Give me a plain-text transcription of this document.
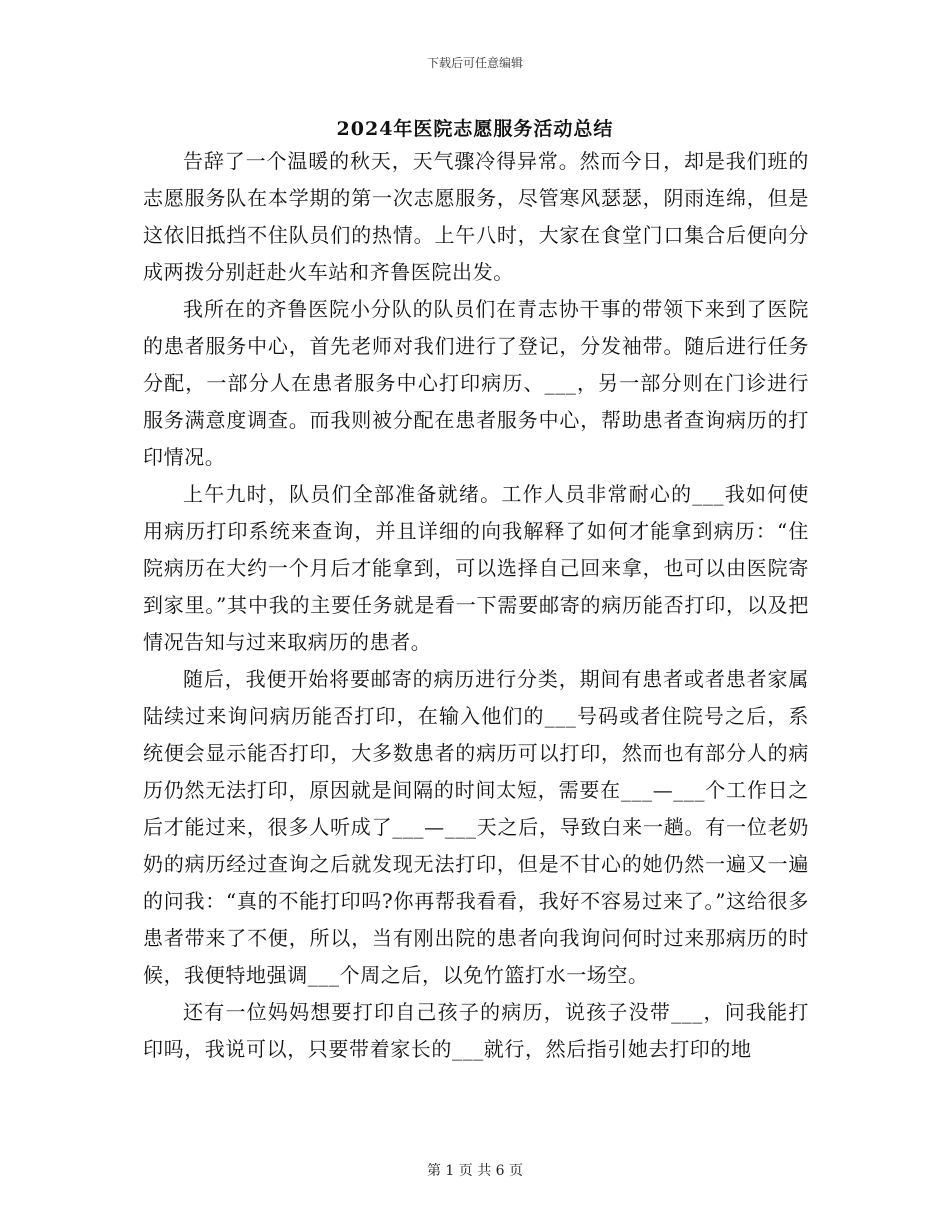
下载后可任意编辑
2024年医院志愿服务活动总结

告辞了一个温暖的秋天，天气骤冷得异常。然而今日，却是我们班的志愿服务队在本学期的第一次志愿服务，尽管寒风瑟瑟，阴雨连绵，但是这依旧抵挡不住队员们的热情。上午八时，大家在食堂门口集合后便向分成两拨分别赶赴火车站和齐鲁医院出发。

我所在的齐鲁医院小分队的队员们在青志协干事的带领下来到了医院的患者服务中心，首先老师对我们进行了登记，分发袖带。随后进行任务分配，一部分人在患者服务中心打印病历、___，另一部分则在门诊进行服务满意度调查。而我则被分配在患者服务中心，帮助患者查询病历的打印情况。

上午九时，队员们全部准备就绪。工作人员非常耐心的___我如何使用病历打印系统来查询，并且详细的向我解释了如何才能拿到病历：“住院病历在大约一个月后才能拿到，可以选择自己回来拿，也可以由医院寄到家里。”其中我的主要任务就是看一下需要邮寄的病历能否打印，以及把情况告知与过来取病历的患者。

随后，我便开始将要邮寄的病历进行分类，期间有患者或者患者家属陆续过来询问病历能否打印，在输入他们的___号码或者住院号之后，系统便会显示能否打印，大多数患者的病历可以打印，然而也有部分人的病历仍然无法打印，原因就是间隔的时间太短，需要在___—___个工作日之后才能过来，很多人听成了___—___天之后，导致白来一趟。有一位老奶奶的病历经过查询之后就发现无法打印，但是不甘心的她仍然一遍又一遍的问我：“真的不能打印吗?你再帮我看看，我好不容易过来了。”这给很多患者带来了不便，所以，当有刚出院的患者向我询问何时过来那病历的时候，我便特地强调___个周之后，以免竹篮打水一场空。

还有一位妈妈想要打印自己孩子的病历，说孩子没带___，问我能打印吗，我说可以，只要带着家长的___就行，然后指引她去打印的地

第 1 页 共 6 页
